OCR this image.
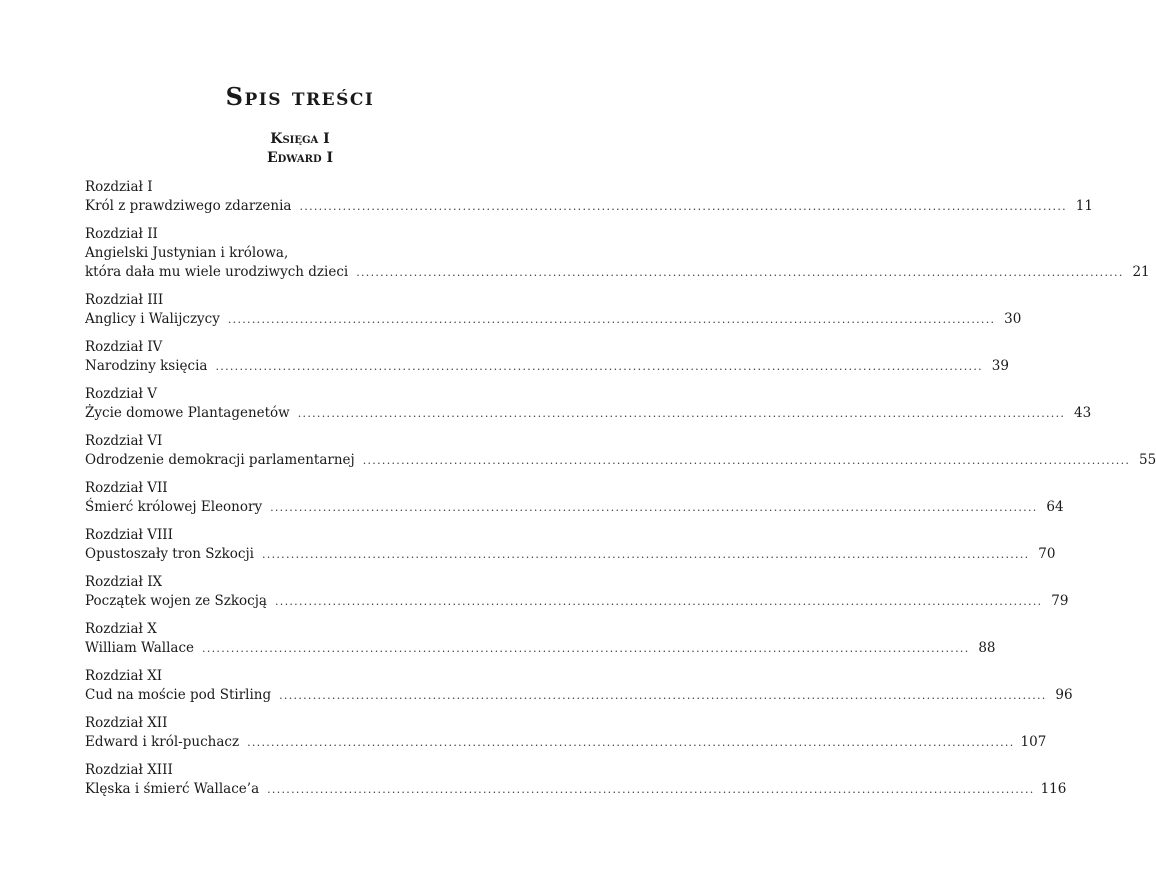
Spis treści
Księga I
Edward I
Rozdział I
Król z prawdziwego zdarzenia ................................................................................................................................................................ 11
Rozdział II
Angielski Justynian i królowa,
która dała mu wiele urodziwych dzieci ................................................................................................................................................................ 21
Rozdział III
Anglicy i Walijczycy ................................................................................................................................................................ 30
Rozdział IV
Narodziny księcia ................................................................................................................................................................ 39
Rozdział V
Życie domowe Plantagenetów ................................................................................................................................................................ 43
Rozdział VI
Odrodzenie demokracji parlamentarnej ................................................................................................................................................................ 55
Rozdział VII
Śmierć królowej Eleonory ................................................................................................................................................................ 64
Rozdział VIII
Opustoszały tron Szkocji ................................................................................................................................................................ 70
Rozdział IX
Początek wojen ze Szkocją ................................................................................................................................................................ 79
Rozdział X
William Wallace ................................................................................................................................................................ 88
Rozdział XI
Cud na moście pod Stirling ................................................................................................................................................................ 96
Rozdział XII
Edward i król-puchacz ................................................................................................................................................................ 107
Rozdział XIII
Klęska i śmierć Wallace’a ................................................................................................................................................................ 116
